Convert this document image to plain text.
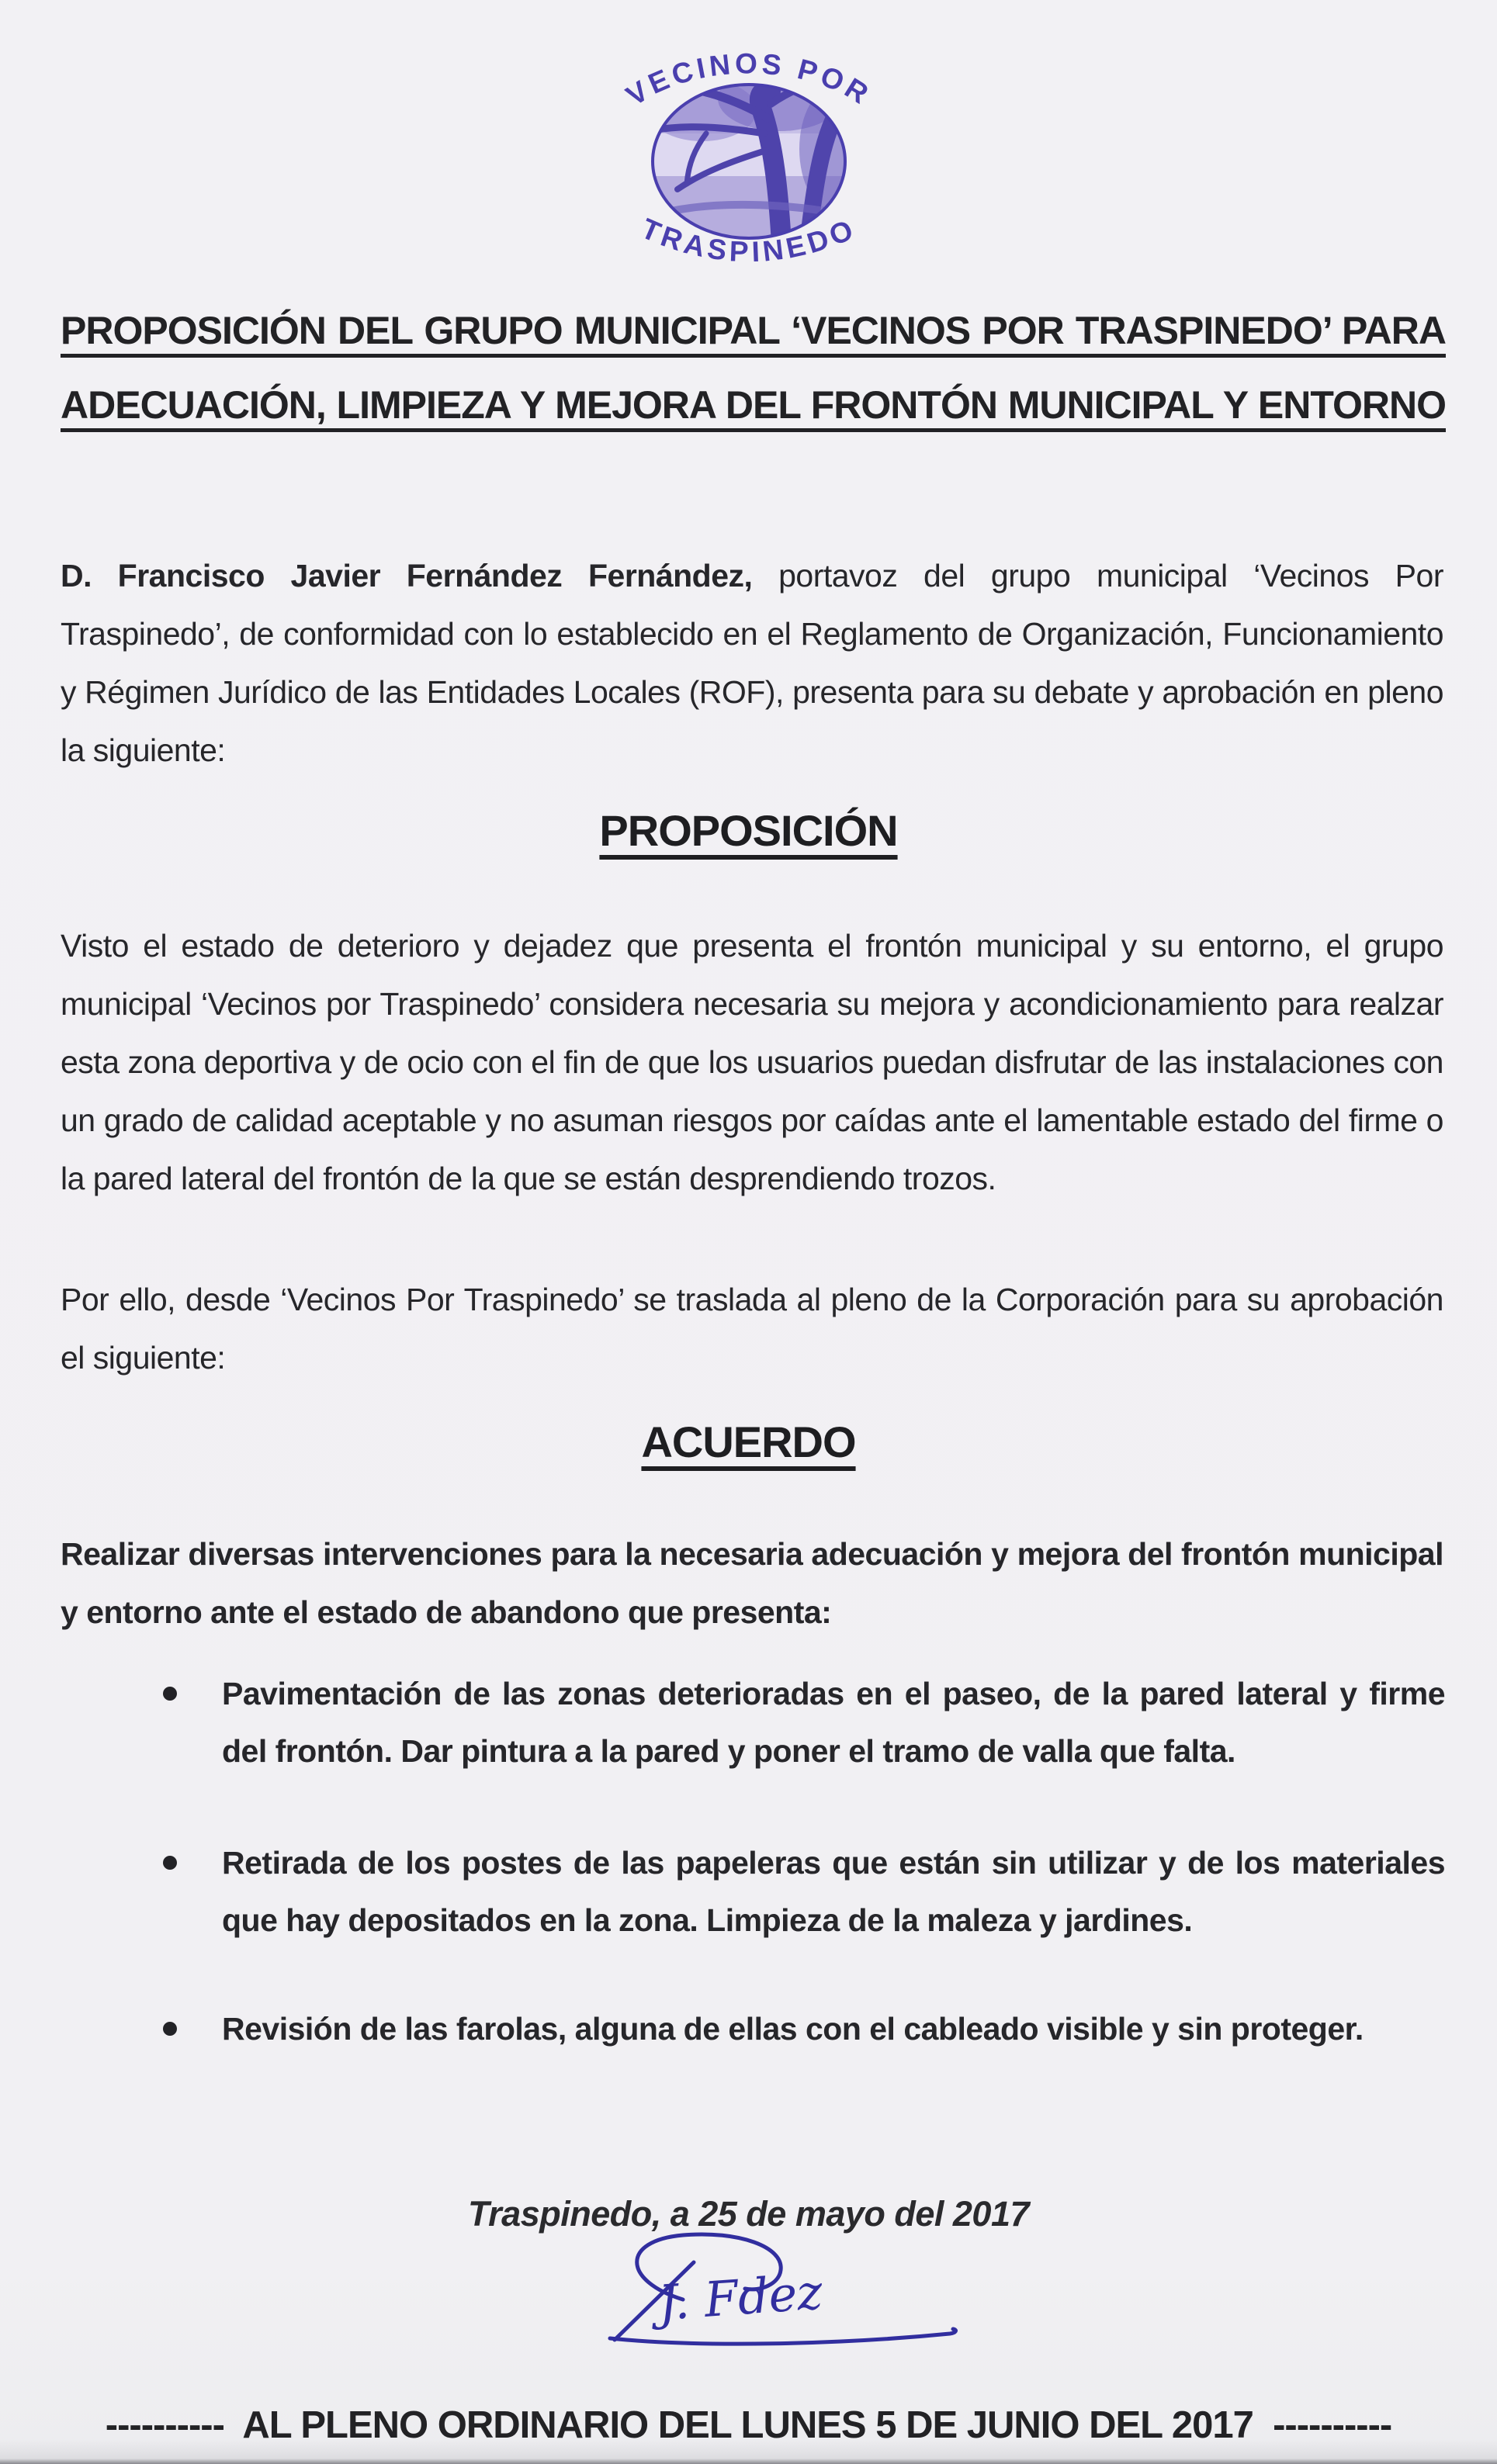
VECINOS POR
TRASPINEDO
PROPOSICIÓN DEL GRUPO MUNICIPAL ‘VECINOS POR TRASPINEDO’ PARA
ADECUACIÓN, LIMPIEZA Y MEJORA DEL FRONTÓN MUNICIPAL Y ENTORNO
D. Francisco Javier Fernández Fernández, portavoz del grupo municipal ‘Vecinos Por Traspinedo’, de conformidad con lo establecido en el Reglamento de Organización, Funcionamiento y Régimen Jurídico de las Entidades Locales (ROF), presenta para su debate y aprobación en pleno la siguiente:
PROPOSICIÓN
Visto el estado de deterioro y dejadez que presenta el frontón municipal y su entorno, el grupo municipal ‘Vecinos por Traspinedo’ considera necesaria su mejora y acondicionamiento para realzar esta zona deportiva y de ocio con el fin de que los usuarios puedan disfrutar de las instalaciones con un grado de calidad aceptable y no asuman riesgos por caídas ante el lamentable estado del firme o la pared lateral del frontón de la que se están desprendiendo trozos.
Por ello, desde ‘Vecinos Por Traspinedo’ se traslada al pleno de la Corporación para su aprobación el siguiente:
ACUERDO
Realizar diversas intervenciones para la necesaria adecuación y mejora del frontón municipal y entorno ante el estado de abandono que presenta:
Pavimentación de las zonas deterioradas en el paseo, de la pared lateral y firme del frontón. Dar pintura a la pared y poner el tramo de valla que falta.
Retirada de los postes de las papeleras que están sin utilizar y de los materiales que hay depositados en la zona. Limpieza de la maleza y jardines.
Revisión de las farolas, alguna de ellas con el cableado visible y sin proteger.
Traspinedo, a 25 de mayo del 2017
J. Fdez
----------  AL PLENO ORDINARIO DEL LUNES 5 DE JUNIO DEL 2017  ----------
